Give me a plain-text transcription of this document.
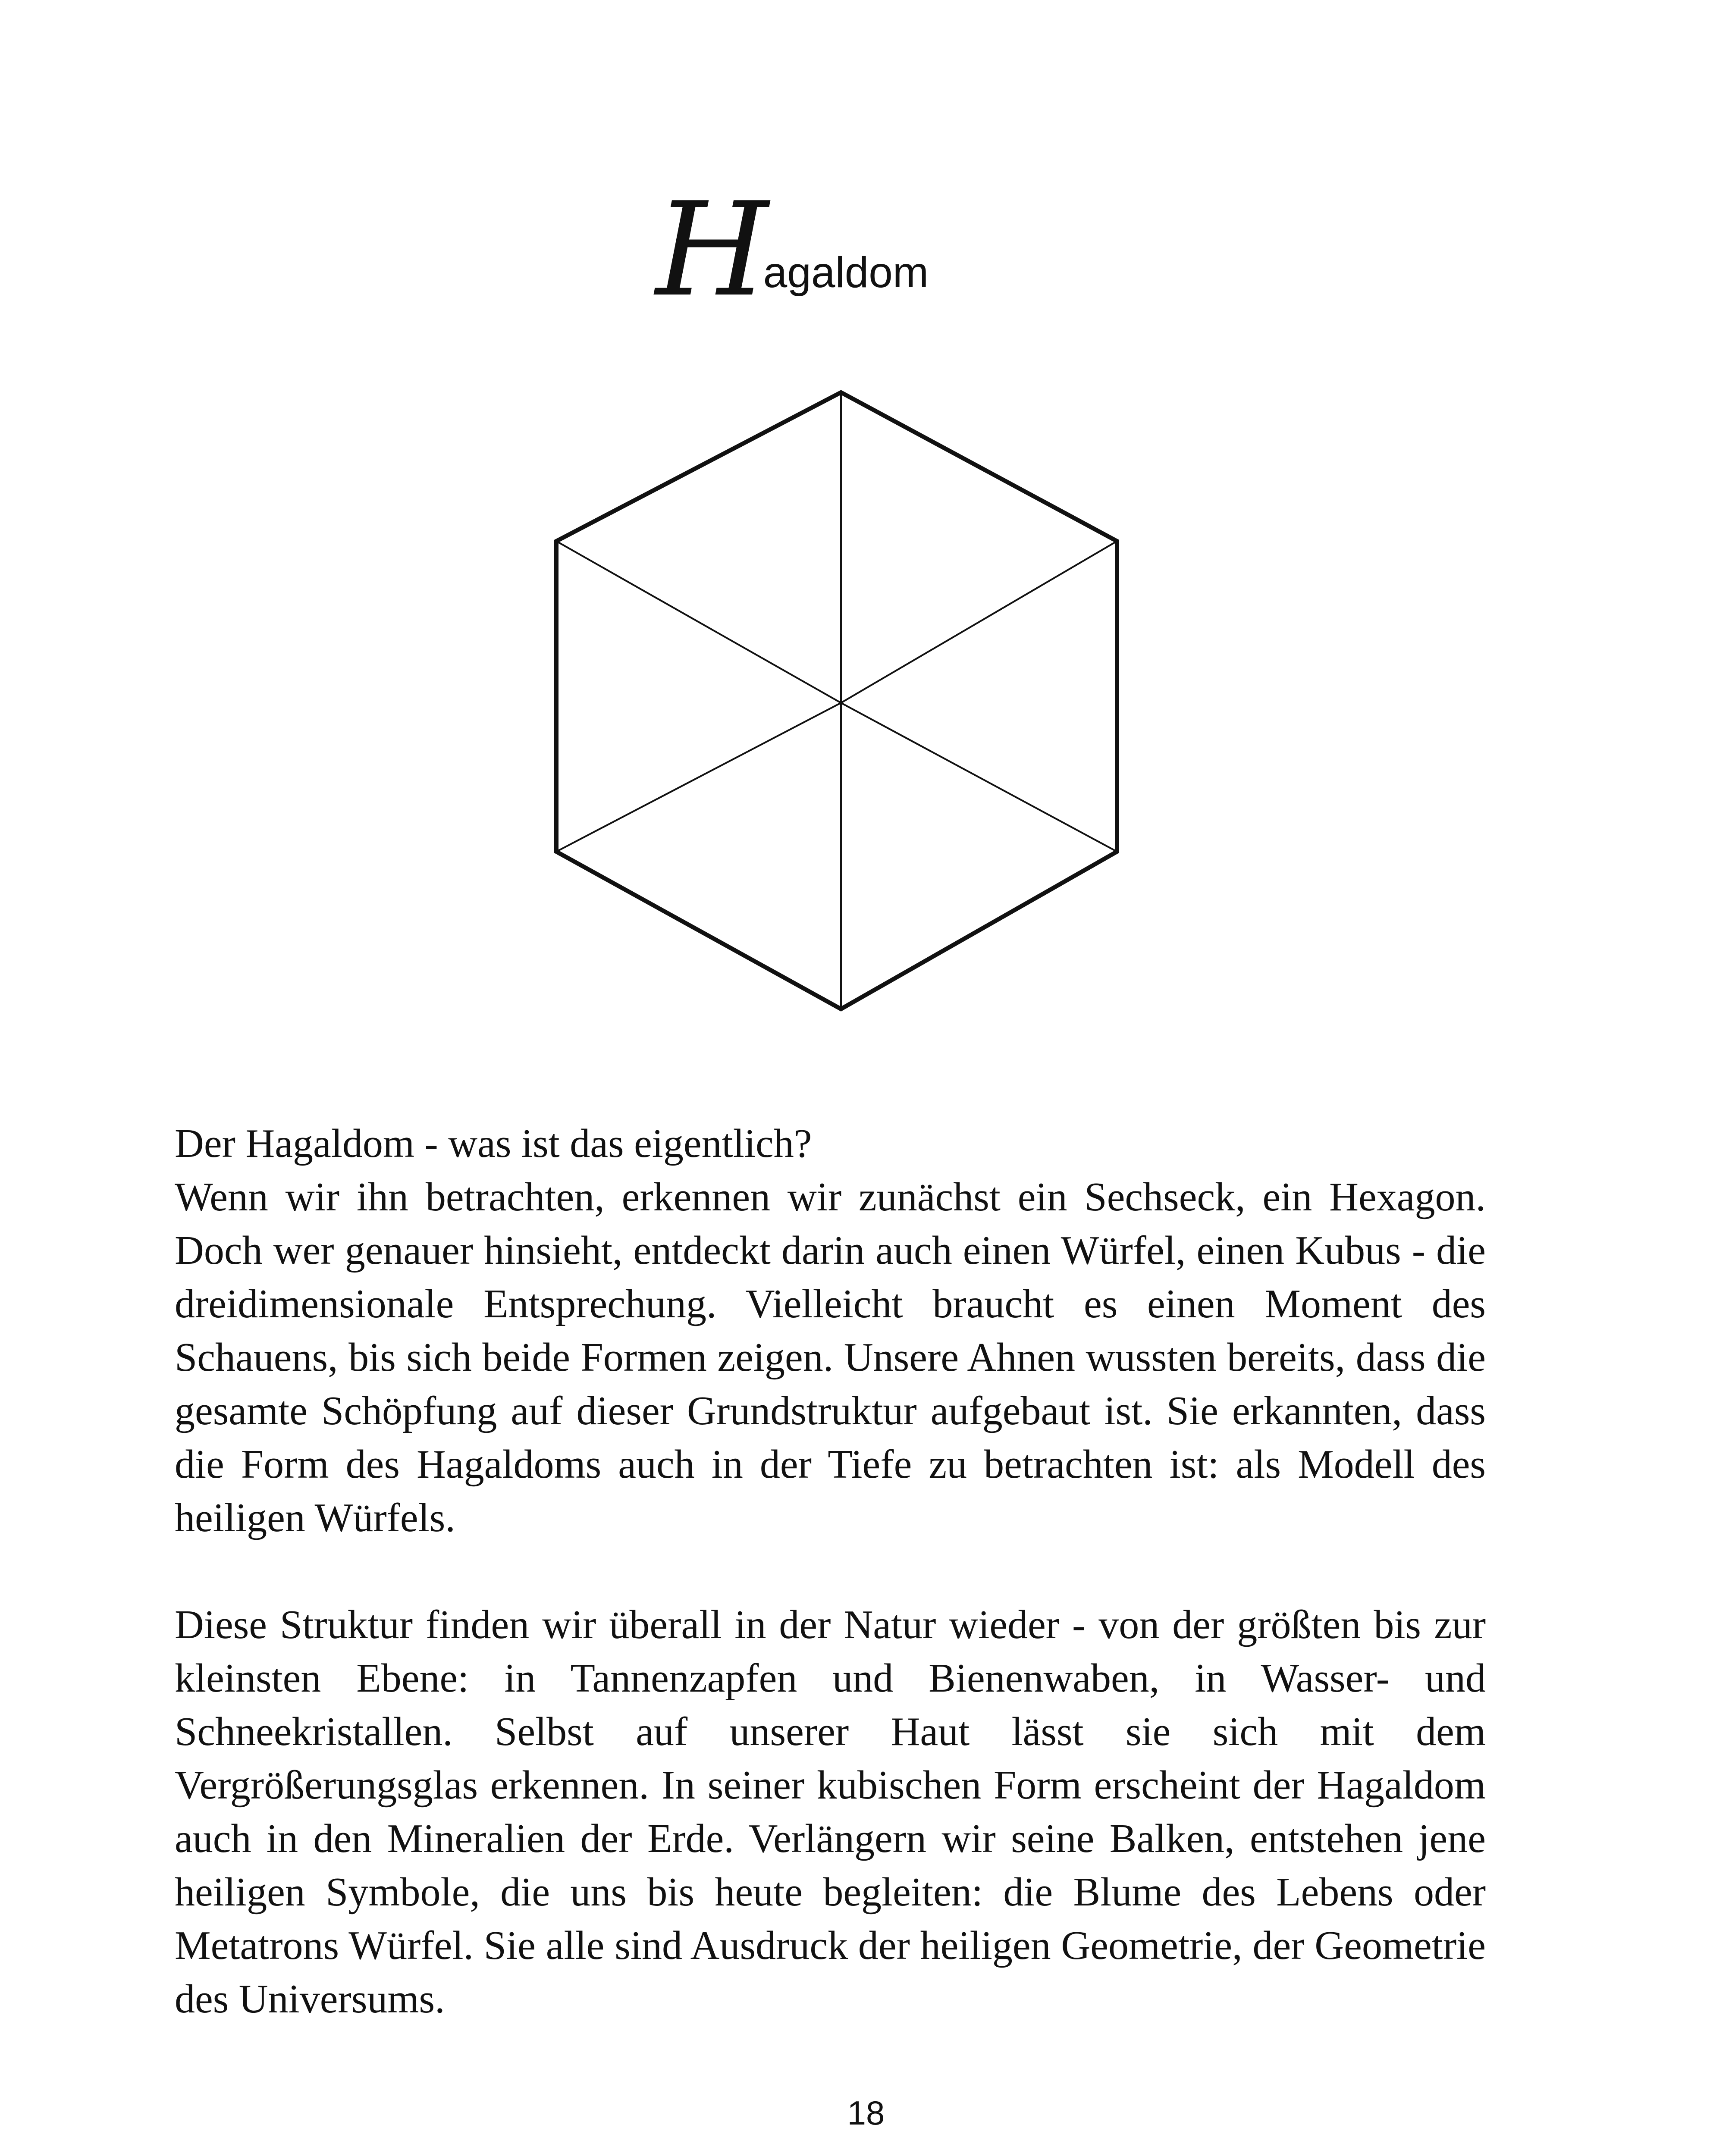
H agaldom

Der Hagaldom - was ist das eigentlich?

Wenn wir ihn betrachten, erkennen wir zunächst ein Sechseck, ein Hexagon. Doch wer genauer hinsieht, entdeckt darin auch einen Würfel, einen Kubus - die dreidimensionale Entsprechung. Vielleicht braucht es einen Moment des Schauens, bis sich beide Formen zeigen. Unsere Ahnen wussten bereits, dass die gesamte Schöpfung auf dieser Grundstruktur aufgebaut ist. Sie erkannten, dass die Form des Hagaldoms auch in der Tiefe zu betrachten ist: als Modell des heiligen Würfels.

Diese Struktur finden wir überall in der Natur wieder - von der größten bis zur kleinsten Ebene: in Tannenzapfen und Bienenwaben, in Wasser- und Schneekristallen. Selbst auf unserer Haut lässt sie sich mit dem Vergrößerungsglas erkennen. In seiner kubischen Form erscheint der Hagaldom auch in den Mineralien der Erde. Verlängern wir seine Balken, entstehen jene heiligen Symbole, die uns bis heute begleiten: die Blume des Lebens oder Metatrons Würfel. Sie alle sind Ausdruck der heiligen Geometrie, der Geometrie des Universums.

18
